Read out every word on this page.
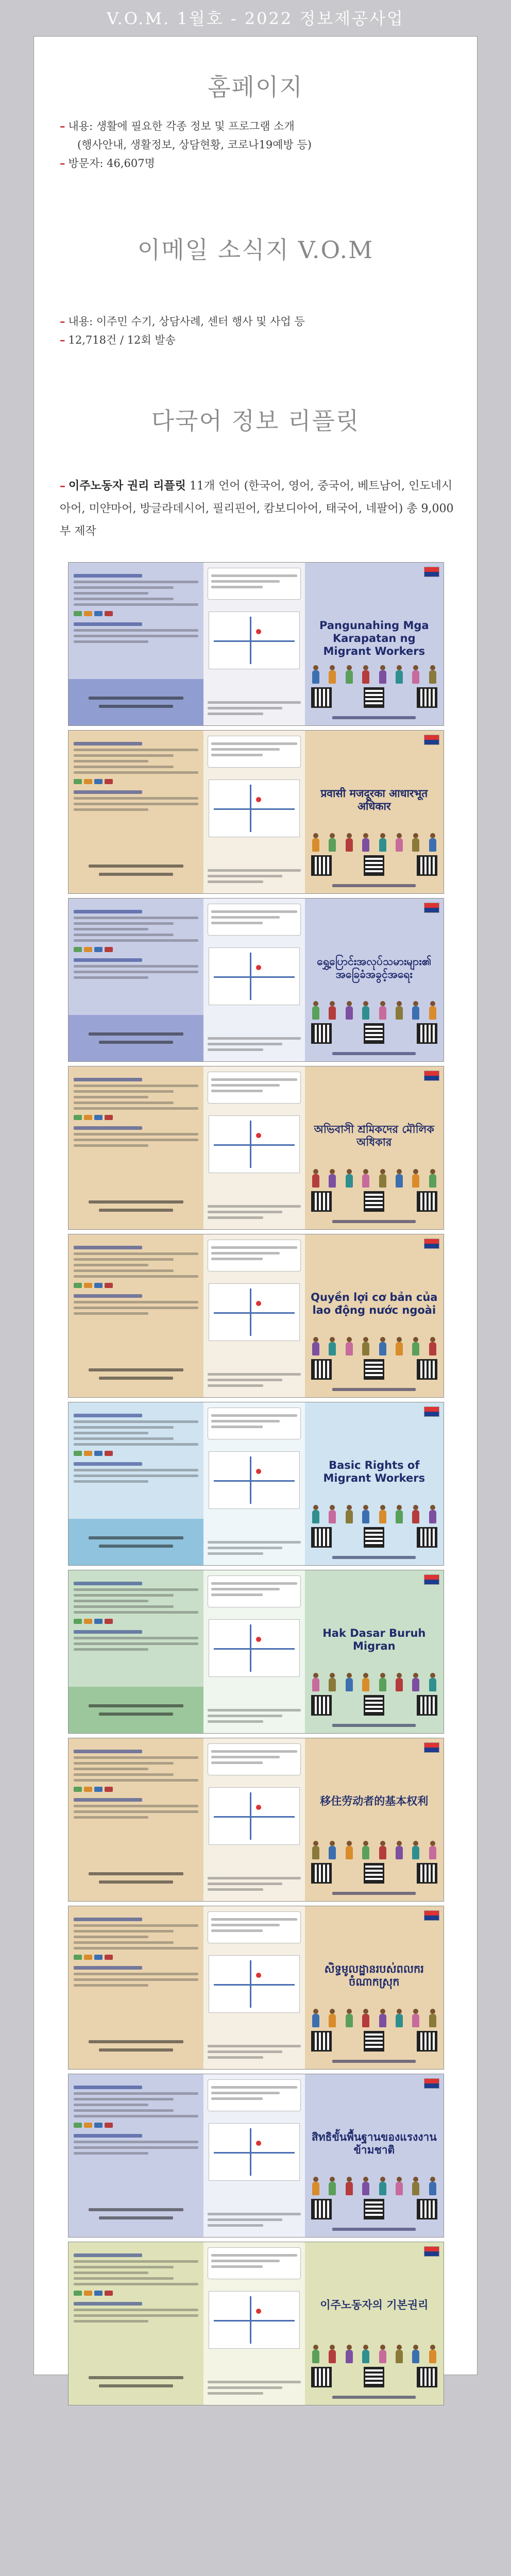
V.O.M. 1월호 - 2022 정보제공사업
홈페이지
– 내용: 생활에 필요한 각종 정보 및 프로그램 소개
(행사안내, 생활정보, 상담현황, 코로나19예방 등)
– 방문자: 46,607명
이메일 소식지 V.O.M
– 내용: 이주민 수기, 상담사례, 센터 행사 및 사업 등
– 12,718건 / 12회 발송
다국어 정보 리플릿

– 이주노동자 권리 리플릿 11개 언어 (한국어, 영어, 중국어, 베트남어, 인도네시아어, 미얀마어, 방글라데시어, 필리핀어, 캄보디아어, 태국어, 네팔어) 총 9,000부 제작

Pangunahing Mga Karapatan ng Migrant Workers
प्रवासी मजदूरका आधारभूत अधिकार
ရွှေ့ပြောင်းအလုပ်သမားများ၏ အခြေခံအခွင့်အရေး
অভিবাসী শ্রমিকদের মৌলিক অধিকার
Quyền lợi cơ bản của lao động nước ngoài
Basic Rights of Migrant Workers
Hak Dasar Buruh Migran
移住劳动者的基本权利
សិទ្ធមូលដ្ឋានរបស់ពលករចំណាកស្រុក
สิทธิขั้นพื้นฐานของแรงงานข้ามชาติ
이주노동자의 기본권리
